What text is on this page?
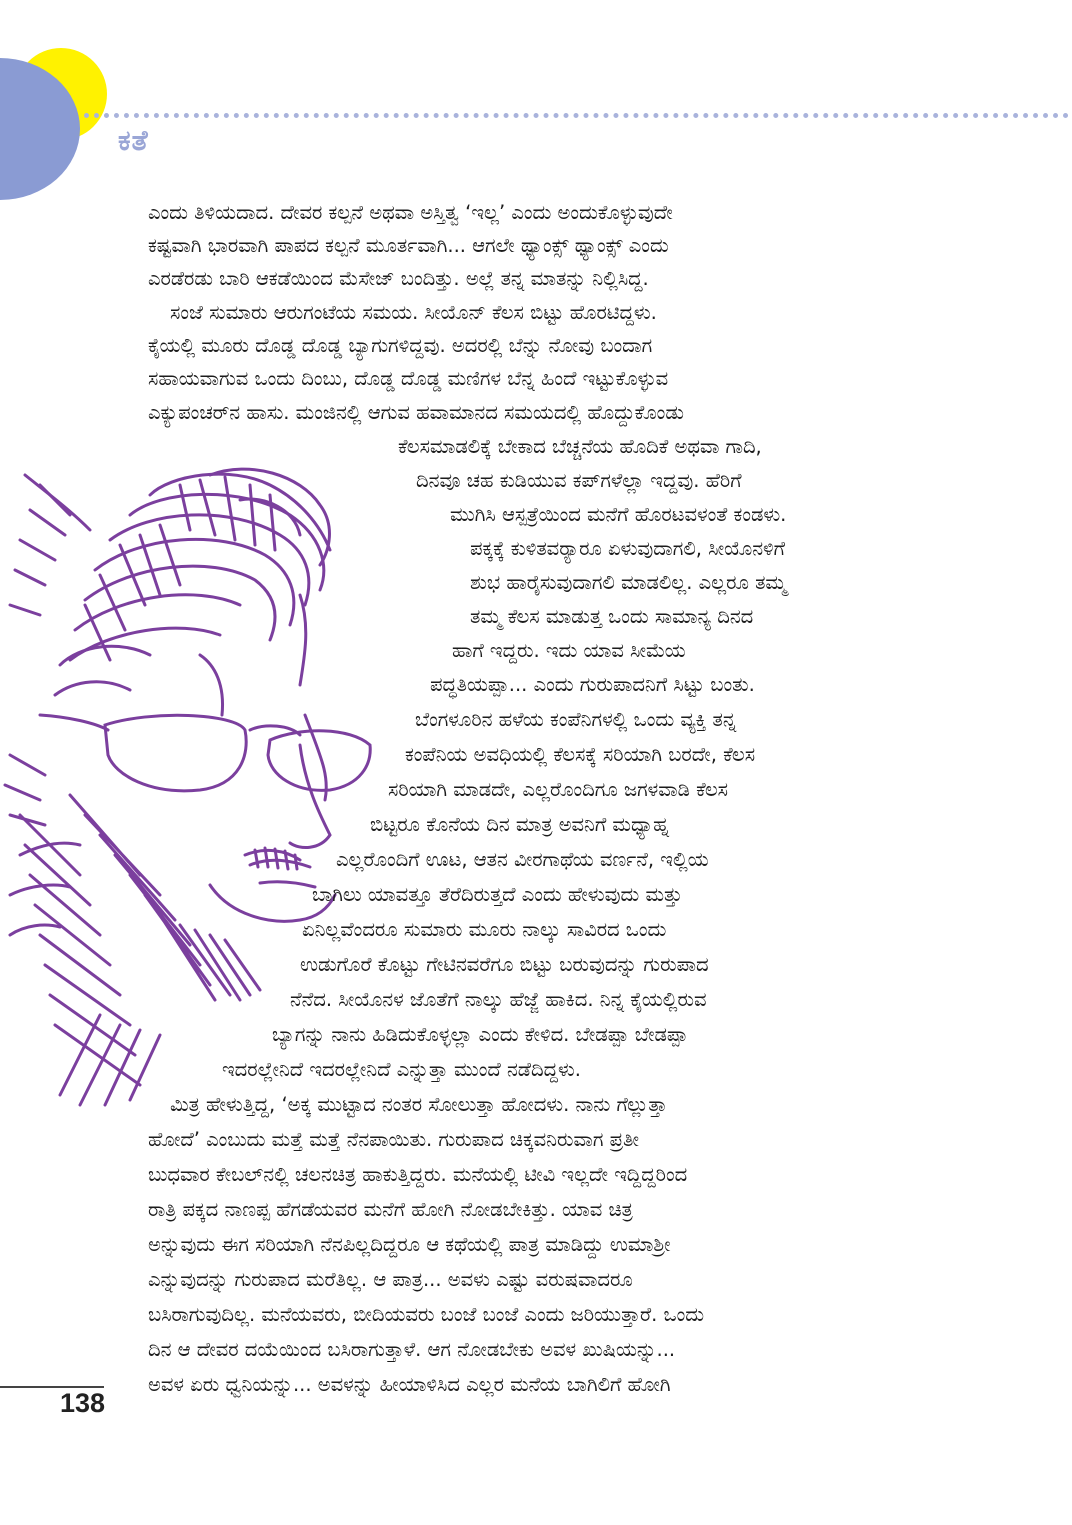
ಕತೆ
ಎಂದು ತಿಳಿಯದಾದ. ದೇವರ ಕಲ್ಪನೆ ಅಥವಾ ಅಸ್ತಿತ್ವ ‘ಇಲ್ಲ’ ಎಂದು ಅಂದುಕೊಳ್ಳುವುದೇ
ಕಷ್ಟವಾಗಿ ಭಾರವಾಗಿ ಪಾಪದ ಕಲ್ಪನೆ ಮೂರ್ತವಾಗಿ... ಆಗಲೇ ಥ್ಯಾಂಕ್ಸ್ ಥ್ಯಾಂಕ್ಸ್ ಎಂದು
ಎರಡೆರಡು ಬಾರಿ ಆಕಡೆಯಿಂದ ಮೆಸೇಜ್ ಬಂದಿತ್ತು. ಅಲ್ಲೆ ತನ್ನ ಮಾತನ್ನು ನಿಲ್ಲಿಸಿದ್ದ.
ಸಂಜೆ ಸುಮಾರು ಆರುಗಂಟೆಯ ಸಮಯ. ಸೀಯೊನ್ ಕೆಲಸ ಬಿಟ್ಟು ಹೊರಟಿದ್ದಳು.
ಕೈಯಲ್ಲಿ ಮೂರು ದೊಡ್ಡ ದೊಡ್ಡ ಬ್ಯಾಗುಗಳಿದ್ದವು. ಅದರಲ್ಲಿ ಬೆನ್ನು ನೋವು ಬಂದಾಗ
ಸಹಾಯವಾಗುವ ಒಂದು ದಿಂಬು, ದೊಡ್ಡ ದೊಡ್ಡ ಮಣಿಗಳ ಬೆನ್ನ ಹಿಂದೆ ಇಟ್ಟುಕೊಳ್ಳುವ
ಎಕ್ಯುಪಂಚರ್‌ನ ಹಾಸು. ಮಂಜಿನಲ್ಲಿ ಆಗುವ ಹವಾಮಾನದ ಸಮಯದಲ್ಲಿ ಹೊದ್ದುಕೊಂಡು
ಕೆಲಸಮಾಡಲಿಕ್ಕೆ ಬೇಕಾದ ಬೆಚ್ಚನೆಯ ಹೊದಿಕೆ ಅಥವಾ ಗಾದಿ,
ದಿನವೂ ಚಹ ಕುಡಿಯುವ ಕಪ್‌ಗಳೆಲ್ಲಾ ಇದ್ದವು. ಹೆರಿಗೆ
ಮುಗಿಸಿ ಆಸ್ಪತ್ರೆಯಿಂದ ಮನೆಗೆ ಹೊರಟವಳಂತೆ ಕಂಡಳು.
ಪಕ್ಕಕ್ಕೆ ಕುಳಿತವರ್‍ಯಾರೂ ಏಳುವುದಾಗಲಿ, ಸೀಯೊನಳಿಗೆ
ಶುಭ ಹಾರೈಸುವುದಾಗಲಿ ಮಾಡಲಿಲ್ಲ. ಎಲ್ಲರೂ ತಮ್ಮ
ತಮ್ಮ ಕೆಲಸ ಮಾಡುತ್ತ ಒಂದು ಸಾಮಾನ್ಯ ದಿನದ
ಹಾಗೆ ಇದ್ದರು. ಇದು ಯಾವ ಸೀಮೆಯ
ಪದ್ಧತಿಯಪ್ಪಾ... ಎಂದು ಗುರುಪಾದನಿಗೆ ಸಿಟ್ಟು ಬಂತು.
ಬೆಂಗಳೂರಿನ ಹಳೆಯ ಕಂಪೆನಿಗಳಲ್ಲಿ ಒಂದು ವ್ಯಕ್ತಿ ತನ್ನ
ಕಂಪೆನಿಯ ಅವಧಿಯಲ್ಲಿ ಕೆಲಸಕ್ಕೆ ಸರಿಯಾಗಿ ಬರದೇ, ಕೆಲಸ
ಸರಿಯಾಗಿ ಮಾಡದೇ, ಎಲ್ಲರೊಂದಿಗೂ ಜಗಳವಾಡಿ ಕೆಲಸ
ಬಿಟ್ಟರೂ ಕೊನೆಯ ದಿನ ಮಾತ್ರ ಅವನಿಗೆ ಮಧ್ಯಾಹ್ನ
ಎಲ್ಲರೊಂದಿಗೆ ಊಟ, ಆತನ ವೀರಗಾಥೆಯ ವರ್ಣನೆ, ಇಲ್ಲಿಯ
ಬಾಗಿಲು ಯಾವತ್ತೂ ತೆರೆದಿರುತ್ತದೆ ಎಂದು ಹೇಳುವುದು ಮತ್ತು
ಏನಿಲ್ಲವೆಂದರೂ ಸುಮಾರು ಮೂರು ನಾಲ್ಕು ಸಾವಿರದ ಒಂದು
ಉಡುಗೊರೆ ಕೊಟ್ಟು ಗೇಟಿನವರೆಗೂ ಬಿಟ್ಟು ಬರುವುದನ್ನು ಗುರುಪಾದ
ನೆನೆದ. ಸೀಯೊನಳ ಜೊತೆಗೆ ನಾಲ್ಕು ಹೆಜ್ಜೆ ಹಾಕಿದ. ನಿನ್ನ ಕೈಯಲ್ಲಿರುವ
ಬ್ಯಾಗನ್ನು ನಾನು ಹಿಡಿದುಕೊಳ್ಳಲ್ಲಾ ಎಂದು ಕೇಳಿದ. ಬೇಡಪ್ಪಾ ಬೇಡಪ್ಪಾ
ಇದರಲ್ಲೇನಿದೆ ಇದರಲ್ಲೇನಿದೆ ಎನ್ನುತ್ತಾ ಮುಂದೆ ನಡೆದಿದ್ದಳು.
ಮಿತ್ರ ಹೇಳುತ್ತಿದ್ದ, ‘ಅಕ್ಕ ಮುಟ್ಟಾದ ನಂತರ ಸೋಲುತ್ತಾ ಹೋದಳು. ನಾನು ಗೆಲ್ಲುತ್ತಾ
ಹೋದೆ’ ಎಂಬುದು ಮತ್ತೆ ಮತ್ತೆ ನೆನಪಾಯಿತು. ಗುರುಪಾದ ಚಿಕ್ಕವನಿರುವಾಗ ಪ್ರತೀ
ಬುಧವಾರ ಕೇಬಲ್‌ನಲ್ಲಿ ಚಲನಚಿತ್ರ ಹಾಕುತ್ತಿದ್ದರು. ಮನೆಯಲ್ಲಿ ಟೀವಿ ಇಲ್ಲದೇ ಇದ್ದಿದ್ದರಿಂದ
ರಾತ್ರಿ ಪಕ್ಕದ ನಾಣಪ್ಪ ಹೆಗಡೆಯವರ ಮನೆಗೆ ಹೋಗಿ ನೋಡಬೇಕಿತ್ತು. ಯಾವ ಚಿತ್ರ
ಅನ್ನುವುದು ಈಗ ಸರಿಯಾಗಿ ನೆನಪಿಲ್ಲದಿದ್ದರೂ ಆ ಕಥೆಯಲ್ಲಿ ಪಾತ್ರ ಮಾಡಿದ್ದು ಉಮಾಶ್ರೀ
ಎನ್ನುವುದನ್ನು ಗುರುಪಾದ ಮರೆತಿಲ್ಲ. ಆ ಪಾತ್ರ... ಅವಳು ಎಷ್ಟು ವರುಷವಾದರೂ
ಬಸಿರಾಗುವುದಿಲ್ಲ. ಮನೆಯವರು, ಬೀದಿಯವರು ಬಂಜೆ ಬಂಜೆ ಎಂದು ಜರಿಯುತ್ತಾರೆ. ಒಂದು
ದಿನ ಆ ದೇವರ ದಯೆಯಿಂದ ಬಸಿರಾಗುತ್ತಾಳೆ. ಆಗ ನೋಡಬೇಕು ಅವಳ ಖುಷಿಯನ್ನು...
ಅವಳ ಏರು ಧ್ವನಿಯನ್ನು... ಅವಳನ್ನು ಹೀಯಾಳಿಸಿದ ಎಲ್ಲರ ಮನೆಯ ಬಾಗಿಲಿಗೆ ಹೋಗಿ
138
